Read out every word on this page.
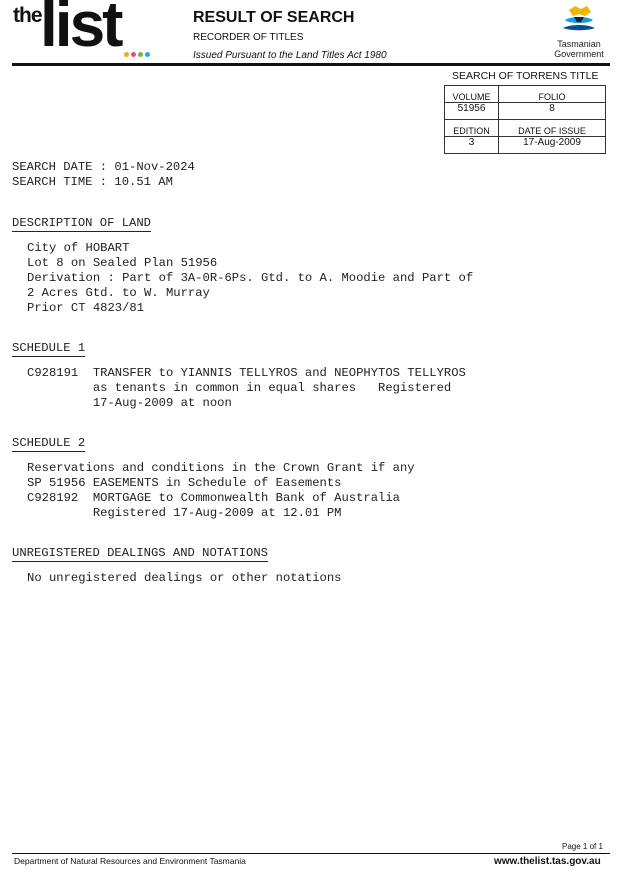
the
list	RESULT OF SEARCH
RECORDER OF TITLES
Issued Pursuant to the Land Titles Act 1980
Tasmanian
Government
SEARCH OF TORRENS TITLE
VOLUME	FOLIO
51956	8
EDITION	DATE OF ISSUE
3	17-Aug-2009
SEARCH DATE : 01-Nov-2024
SEARCH TIME : 10.51 AM
DESCRIPTION OF LAND
City of HOBART
Lot 8 on Sealed Plan 51956
Derivation : Part of 3A-0R-6Ps. Gtd. to A. Moodie and Part of
2 Acres Gtd. to W. Murray
Prior CT 4823/81
SCHEDULE 1
C928191  TRANSFER to YIANNIS TELLYROS and NEOPHYTOS TELLYROS
as tenants in common in equal shares   Registered
17-Aug-2009 at noon
SCHEDULE 2
Reservations and conditions in the Crown Grant if any
SP 51956 EASEMENTS in Schedule of Easements
C928192  MORTGAGE to Commonwealth Bank of Australia
Registered 17-Aug-2009 at 12.01 PM
UNREGISTERED DEALINGS AND NOTATIONS
No unregistered dealings or other notations
Page 1 of 1
Department of Natural Resources and Environment Tasmania	www.thelist.tas.gov.au
